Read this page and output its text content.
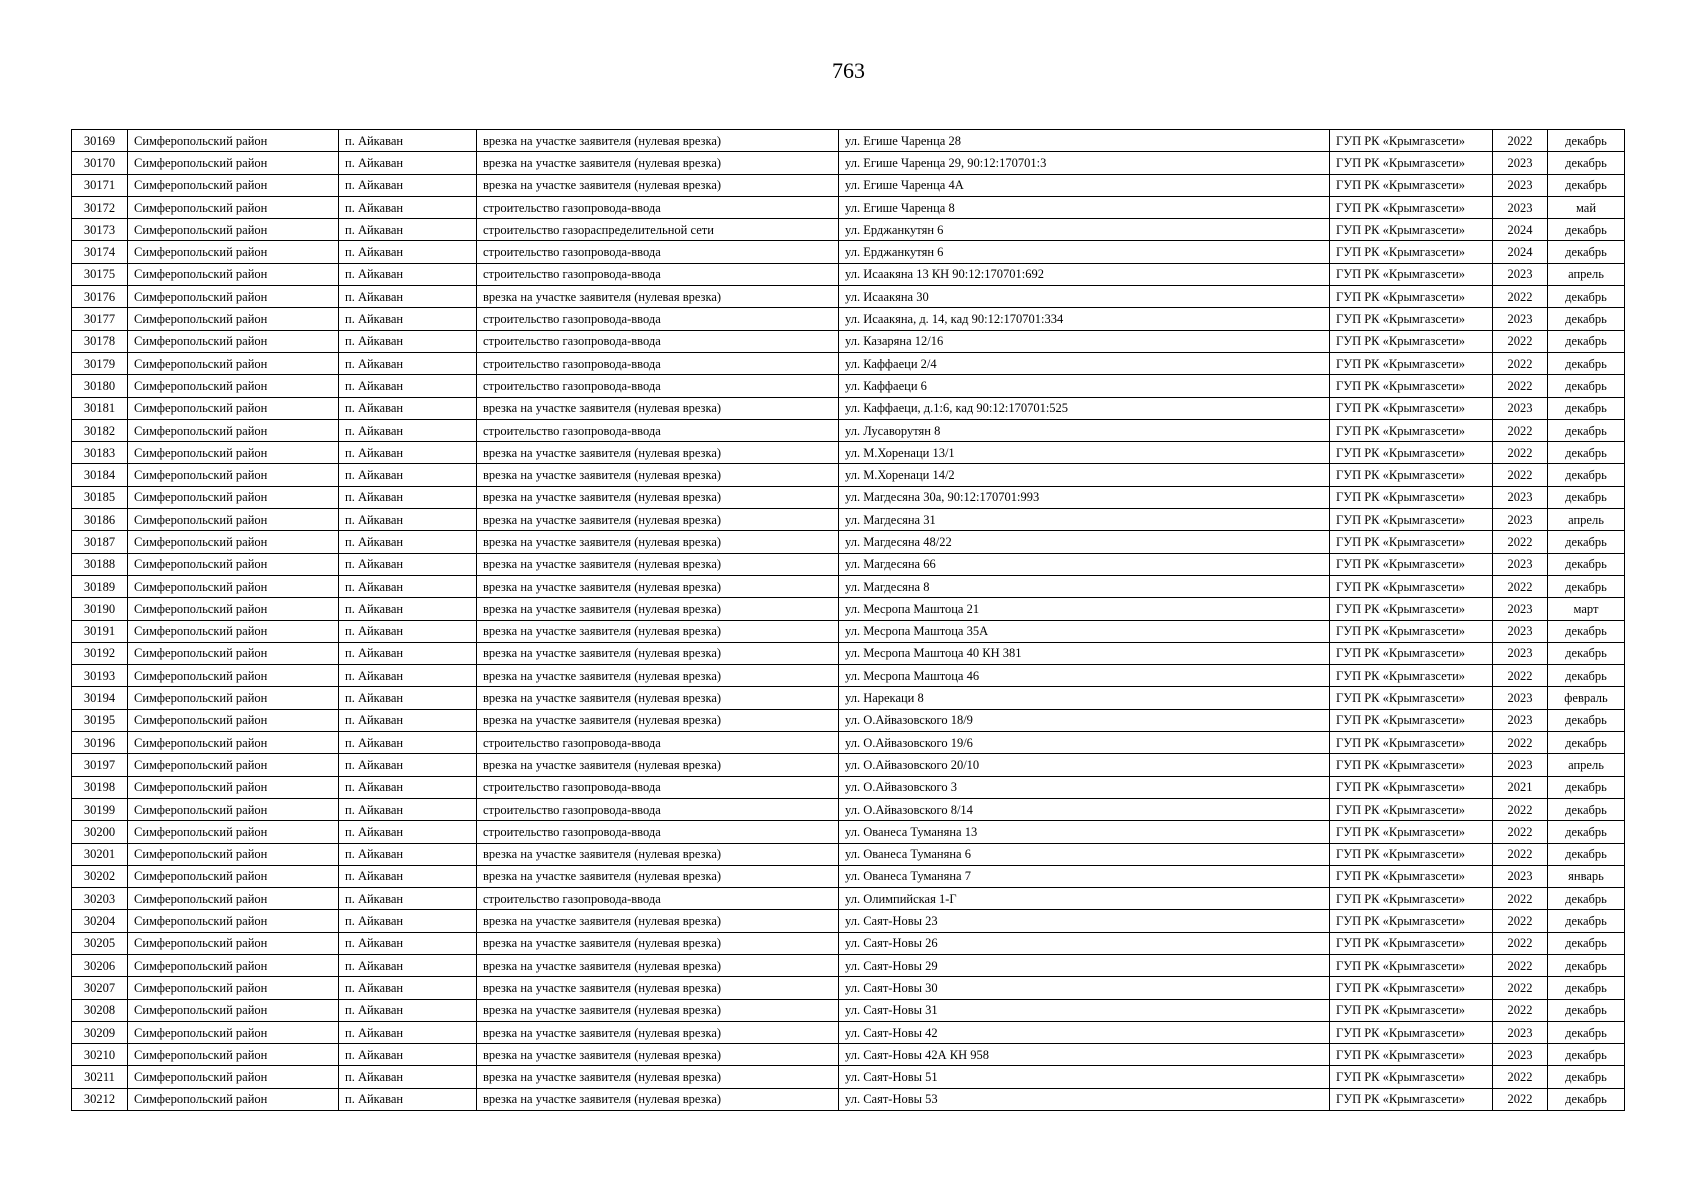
763
30169	Симферопольский район	п. Айкаван	врезка на участке заявителя (нулевая врезка)	ул. Егише Чаренца 28	ГУП РК «Крымгазсети»	2022	декабрь
30170	Симферопольский район	п. Айкаван	врезка на участке заявителя (нулевая врезка)	ул. Егише Чаренца 29, 90:12:170701:3	ГУП РК «Крымгазсети»	2023	декабрь
30171	Симферопольский район	п. Айкаван	врезка на участке заявителя (нулевая врезка)	ул. Егише Чаренца 4А	ГУП РК «Крымгазсети»	2023	декабрь
30172	Симферопольский район	п. Айкаван	строительство газопровода-ввода	ул. Егише Чаренца 8	ГУП РК «Крымгазсети»	2023	май
30173	Симферопольский район	п. Айкаван	строительство газораспределительной сети	ул. Ерджанкутян 6	ГУП РК «Крымгазсети»	2024	декабрь
30174	Симферопольский район	п. Айкаван	строительство газопровода-ввода	ул. Ерджанкутян 6	ГУП РК «Крымгазсети»	2024	декабрь
30175	Симферопольский район	п. Айкаван	строительство газопровода-ввода	ул. Исаакяна 13 КН 90:12:170701:692	ГУП РК «Крымгазсети»	2023	апрель
30176	Симферопольский район	п. Айкаван	врезка на участке заявителя (нулевая врезка)	ул. Исаакяна 30	ГУП РК «Крымгазсети»	2022	декабрь
30177	Симферопольский район	п. Айкаван	строительство газопровода-ввода	ул. Исаакяна, д. 14, кад 90:12:170701:334	ГУП РК «Крымгазсети»	2023	декабрь
30178	Симферопольский район	п. Айкаван	строительство газопровода-ввода	ул. Казаряна 12/16	ГУП РК «Крымгазсети»	2022	декабрь
30179	Симферопольский район	п. Айкаван	строительство газопровода-ввода	ул. Каффаеци 2/4	ГУП РК «Крымгазсети»	2022	декабрь
30180	Симферопольский район	п. Айкаван	строительство газопровода-ввода	ул. Каффаеци 6	ГУП РК «Крымгазсети»	2022	декабрь
30181	Симферопольский район	п. Айкаван	врезка на участке заявителя (нулевая врезка)	ул. Каффаеци, д.1:6, кад 90:12:170701:525	ГУП РК «Крымгазсети»	2023	декабрь
30182	Симферопольский район	п. Айкаван	строительство газопровода-ввода	ул. Лусаворутян 8	ГУП РК «Крымгазсети»	2022	декабрь
30183	Симферопольский район	п. Айкаван	врезка на участке заявителя (нулевая врезка)	ул. М.Хоренаци 13/1	ГУП РК «Крымгазсети»	2022	декабрь
30184	Симферопольский район	п. Айкаван	врезка на участке заявителя (нулевая врезка)	ул. М.Хоренаци 14/2	ГУП РК «Крымгазсети»	2022	декабрь
30185	Симферопольский район	п. Айкаван	врезка на участке заявителя (нулевая врезка)	ул. Магдесяна 30а, 90:12:170701:993	ГУП РК «Крымгазсети»	2023	декабрь
30186	Симферопольский район	п. Айкаван	врезка на участке заявителя (нулевая врезка)	ул. Магдесяна 31	ГУП РК «Крымгазсети»	2023	апрель
30187	Симферопольский район	п. Айкаван	врезка на участке заявителя (нулевая врезка)	ул. Магдесяна 48/22	ГУП РК «Крымгазсети»	2022	декабрь
30188	Симферопольский район	п. Айкаван	врезка на участке заявителя (нулевая врезка)	ул. Магдесяна 66	ГУП РК «Крымгазсети»	2023	декабрь
30189	Симферопольский район	п. Айкаван	врезка на участке заявителя (нулевая врезка)	ул. Магдесяна 8	ГУП РК «Крымгазсети»	2022	декабрь
30190	Симферопольский район	п. Айкаван	врезка на участке заявителя (нулевая врезка)	ул. Месропа Маштоца 21	ГУП РК «Крымгазсети»	2023	март
30191	Симферопольский район	п. Айкаван	врезка на участке заявителя (нулевая врезка)	ул. Месропа Маштоца 35А	ГУП РК «Крымгазсети»	2023	декабрь
30192	Симферопольский район	п. Айкаван	врезка на участке заявителя (нулевая врезка)	ул. Месропа Маштоца 40 КН 381	ГУП РК «Крымгазсети»	2023	декабрь
30193	Симферопольский район	п. Айкаван	врезка на участке заявителя (нулевая врезка)	ул. Месропа Маштоца 46	ГУП РК «Крымгазсети»	2022	декабрь
30194	Симферопольский район	п. Айкаван	врезка на участке заявителя (нулевая врезка)	ул. Нарекаци 8	ГУП РК «Крымгазсети»	2023	февраль
30195	Симферопольский район	п. Айкаван	врезка на участке заявителя (нулевая врезка)	ул. О.Айвазовского 18/9	ГУП РК «Крымгазсети»	2023	декабрь
30196	Симферопольский район	п. Айкаван	строительство газопровода-ввода	ул. О.Айвазовского 19/6	ГУП РК «Крымгазсети»	2022	декабрь
30197	Симферопольский район	п. Айкаван	врезка на участке заявителя (нулевая врезка)	ул. О.Айвазовского 20/10	ГУП РК «Крымгазсети»	2023	апрель
30198	Симферопольский район	п. Айкаван	строительство газопровода-ввода	ул. О.Айвазовского 3	ГУП РК «Крымгазсети»	2021	декабрь
30199	Симферопольский район	п. Айкаван	строительство газопровода-ввода	ул. О.Айвазовского 8/14	ГУП РК «Крымгазсети»	2022	декабрь
30200	Симферопольский район	п. Айкаван	строительство газопровода-ввода	ул. Ованеса Туманяна 13	ГУП РК «Крымгазсети»	2022	декабрь
30201	Симферопольский район	п. Айкаван	врезка на участке заявителя (нулевая врезка)	ул. Ованеса Туманяна 6	ГУП РК «Крымгазсети»	2022	декабрь
30202	Симферопольский район	п. Айкаван	врезка на участке заявителя (нулевая врезка)	ул. Ованеса Туманяна 7	ГУП РК «Крымгазсети»	2023	январь
30203	Симферопольский район	п. Айкаван	строительство газопровода-ввода	ул. Олимпийская 1-Г	ГУП РК «Крымгазсети»	2022	декабрь
30204	Симферопольский район	п. Айкаван	врезка на участке заявителя (нулевая врезка)	ул. Саят-Новы 23	ГУП РК «Крымгазсети»	2022	декабрь
30205	Симферопольский район	п. Айкаван	врезка на участке заявителя (нулевая врезка)	ул. Саят-Новы 26	ГУП РК «Крымгазсети»	2022	декабрь
30206	Симферопольский район	п. Айкаван	врезка на участке заявителя (нулевая врезка)	ул. Саят-Новы 29	ГУП РК «Крымгазсети»	2022	декабрь
30207	Симферопольский район	п. Айкаван	врезка на участке заявителя (нулевая врезка)	ул. Саят-Новы 30	ГУП РК «Крымгазсети»	2022	декабрь
30208	Симферопольский район	п. Айкаван	врезка на участке заявителя (нулевая врезка)	ул. Саят-Новы 31	ГУП РК «Крымгазсети»	2022	декабрь
30209	Симферопольский район	п. Айкаван	врезка на участке заявителя (нулевая врезка)	ул. Саят-Новы 42	ГУП РК «Крымгазсети»	2023	декабрь
30210	Симферопольский район	п. Айкаван	врезка на участке заявителя (нулевая врезка)	ул. Саят-Новы 42А КН 958	ГУП РК «Крымгазсети»	2023	декабрь
30211	Симферопольский район	п. Айкаван	врезка на участке заявителя (нулевая врезка)	ул. Саят-Новы 51	ГУП РК «Крымгазсети»	2022	декабрь
30212	Симферопольский район	п. Айкаван	врезка на участке заявителя (нулевая врезка)	ул. Саят-Новы 53	ГУП РК «Крымгазсети»	2022	декабрь
